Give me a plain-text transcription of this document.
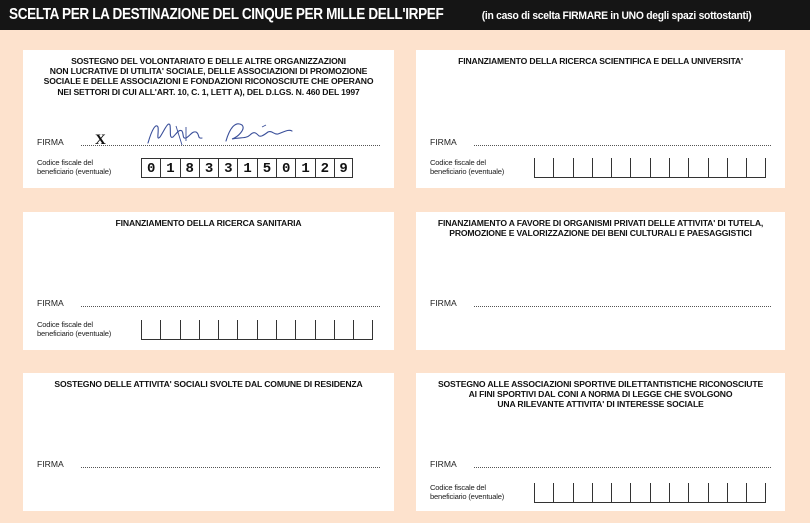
SCELTA PER LA DESTINAZIONE DEL CINQUE PER MILLE DELL'IRPEF	(in caso di scelta FIRMARE in UNO degli spazi sottostanti)
SOSTEGNO DEL VOLONTARIATO E DELLE ALTRE ORGANIZZAZIONI
NON LUCRATIVE DI UTILITA' SOCIALE, DELLE ASSOCIAZIONI DI PROMOZIONE
SOCIALE E DELLE ASSOCIAZIONI E FONDAZIONI RICONOSCIUTE CHE OPERANO
NEI SETTORI DI CUI ALL'ART. 10, C. 1, LETT A), DEL D.LGS. N. 460 DEL 1997
FIRMA X
Codice fiscale del
beneficiario (eventuale)	0 1 8 3 3 1 5 0 1 2 9
FINANZIAMENTO DELLA RICERCA SCIENTIFICA E DELLA UNIVERSITA'
FIRMA
Codice fiscale del
beneficiario (eventuale)
FINANZIAMENTO DELLA RICERCA SANITARIA
FIRMA
Codice fiscale del
beneficiario (eventuale)
FINANZIAMENTO A FAVORE DI ORGANISMI PRIVATI DELLE ATTIVITA' DI TUTELA,
PROMOZIONE E VALORIZZAZIONE DEI BENI CULTURALI E PAESAGGISTICI
FIRMA
SOSTEGNO DELLE ATTIVITA' SOCIALI SVOLTE DAL COMUNE DI RESIDENZA
FIRMA
SOSTEGNO ALLE ASSOCIAZIONI SPORTIVE DILETTANTISTICHE RICONOSCIUTE
AI FINI SPORTIVI DAL CONI A NORMA DI LEGGE CHE SVOLGONO
UNA RILEVANTE ATTIVITA' DI INTERESSE SOCIALE
FIRMA
Codice fiscale del
beneficiario (eventuale)
